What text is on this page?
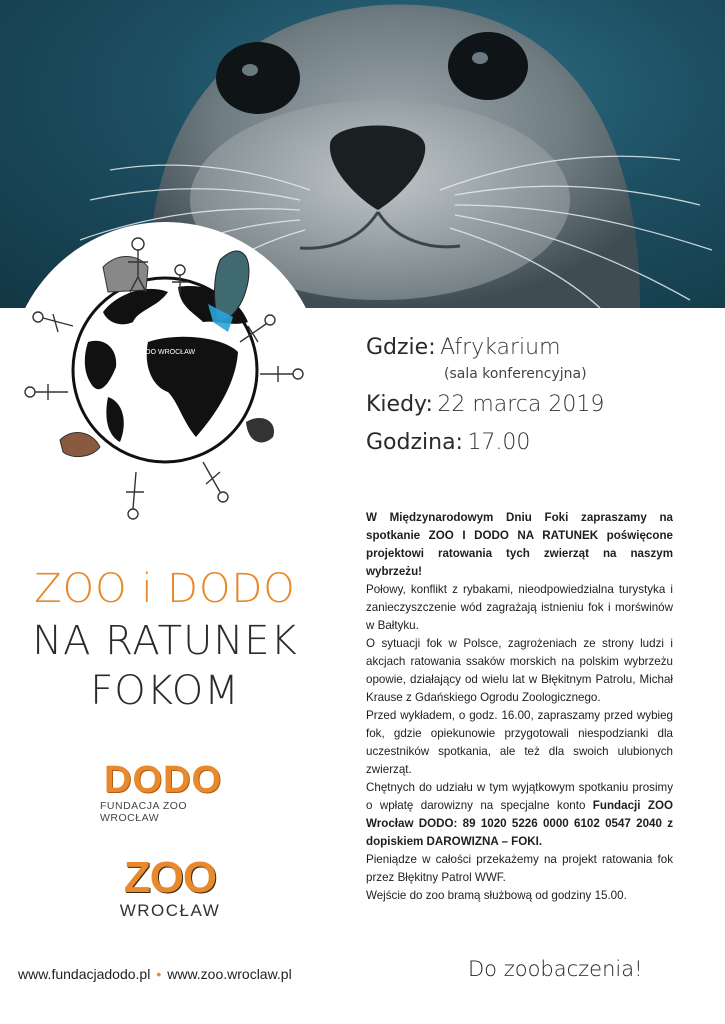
ZOO WROCŁAW	Gdzie: Afrykarium
(sala konferencyjna)
Kiedy: 22 marca 2019
Godzina: 17.00

W Międzynarodowym Dniu Foki zapraszamy na spotkanie ZOO I DODO NA RATUNEK poświęcone projektowi ratowania tych zwierząt na naszym wybrzeżu!

Połowy, konflikt z rybakami, nieodpowiedzialna turystyka i zanieczyszczenie wód zagrażają istnieniu fok i morświnów w Bałtyku.

O sytuacji fok w Polsce, zagrożeniach ze strony ludzi i akcjach ratowania ssaków morskich na polskim wybrzeżu opowie, działający od wielu lat w Błękitnym Patrolu, Michał Krause z Gdańskiego Ogrodu Zoologicznego.

Przed wykładem, o godz. 16.00, zapraszamy przed wybieg fok, gdzie opiekunowie przygotowali niespodzianki dla uczestników spotkania, ale też dla swoich ulubionych zwierząt.

Chętnych do udziału w tym wyjątkowym spotkaniu prosimy o wpłatę darowizny na specjalne konto Fundacji ZOO Wrocław DODO: 89 1020 5226 0000 6102 0547 2040 z dopiskiem DAROWIZNA – FOKI.

Pieniądze w całości przekażemy na projekt ratowania fok przez Błękitny Patrol WWF.

Wejście do zoo bramą służbową od godziny 15.00.

ZOO i DODO
NA RATUNEK
FOKOM
DODO
FUNDACJA ZOO WROCŁAW
ZOO
WROCŁAW
www.fundacjadodo.pl • www.zoo.wroclaw.pl	Do zoobaczenia!
